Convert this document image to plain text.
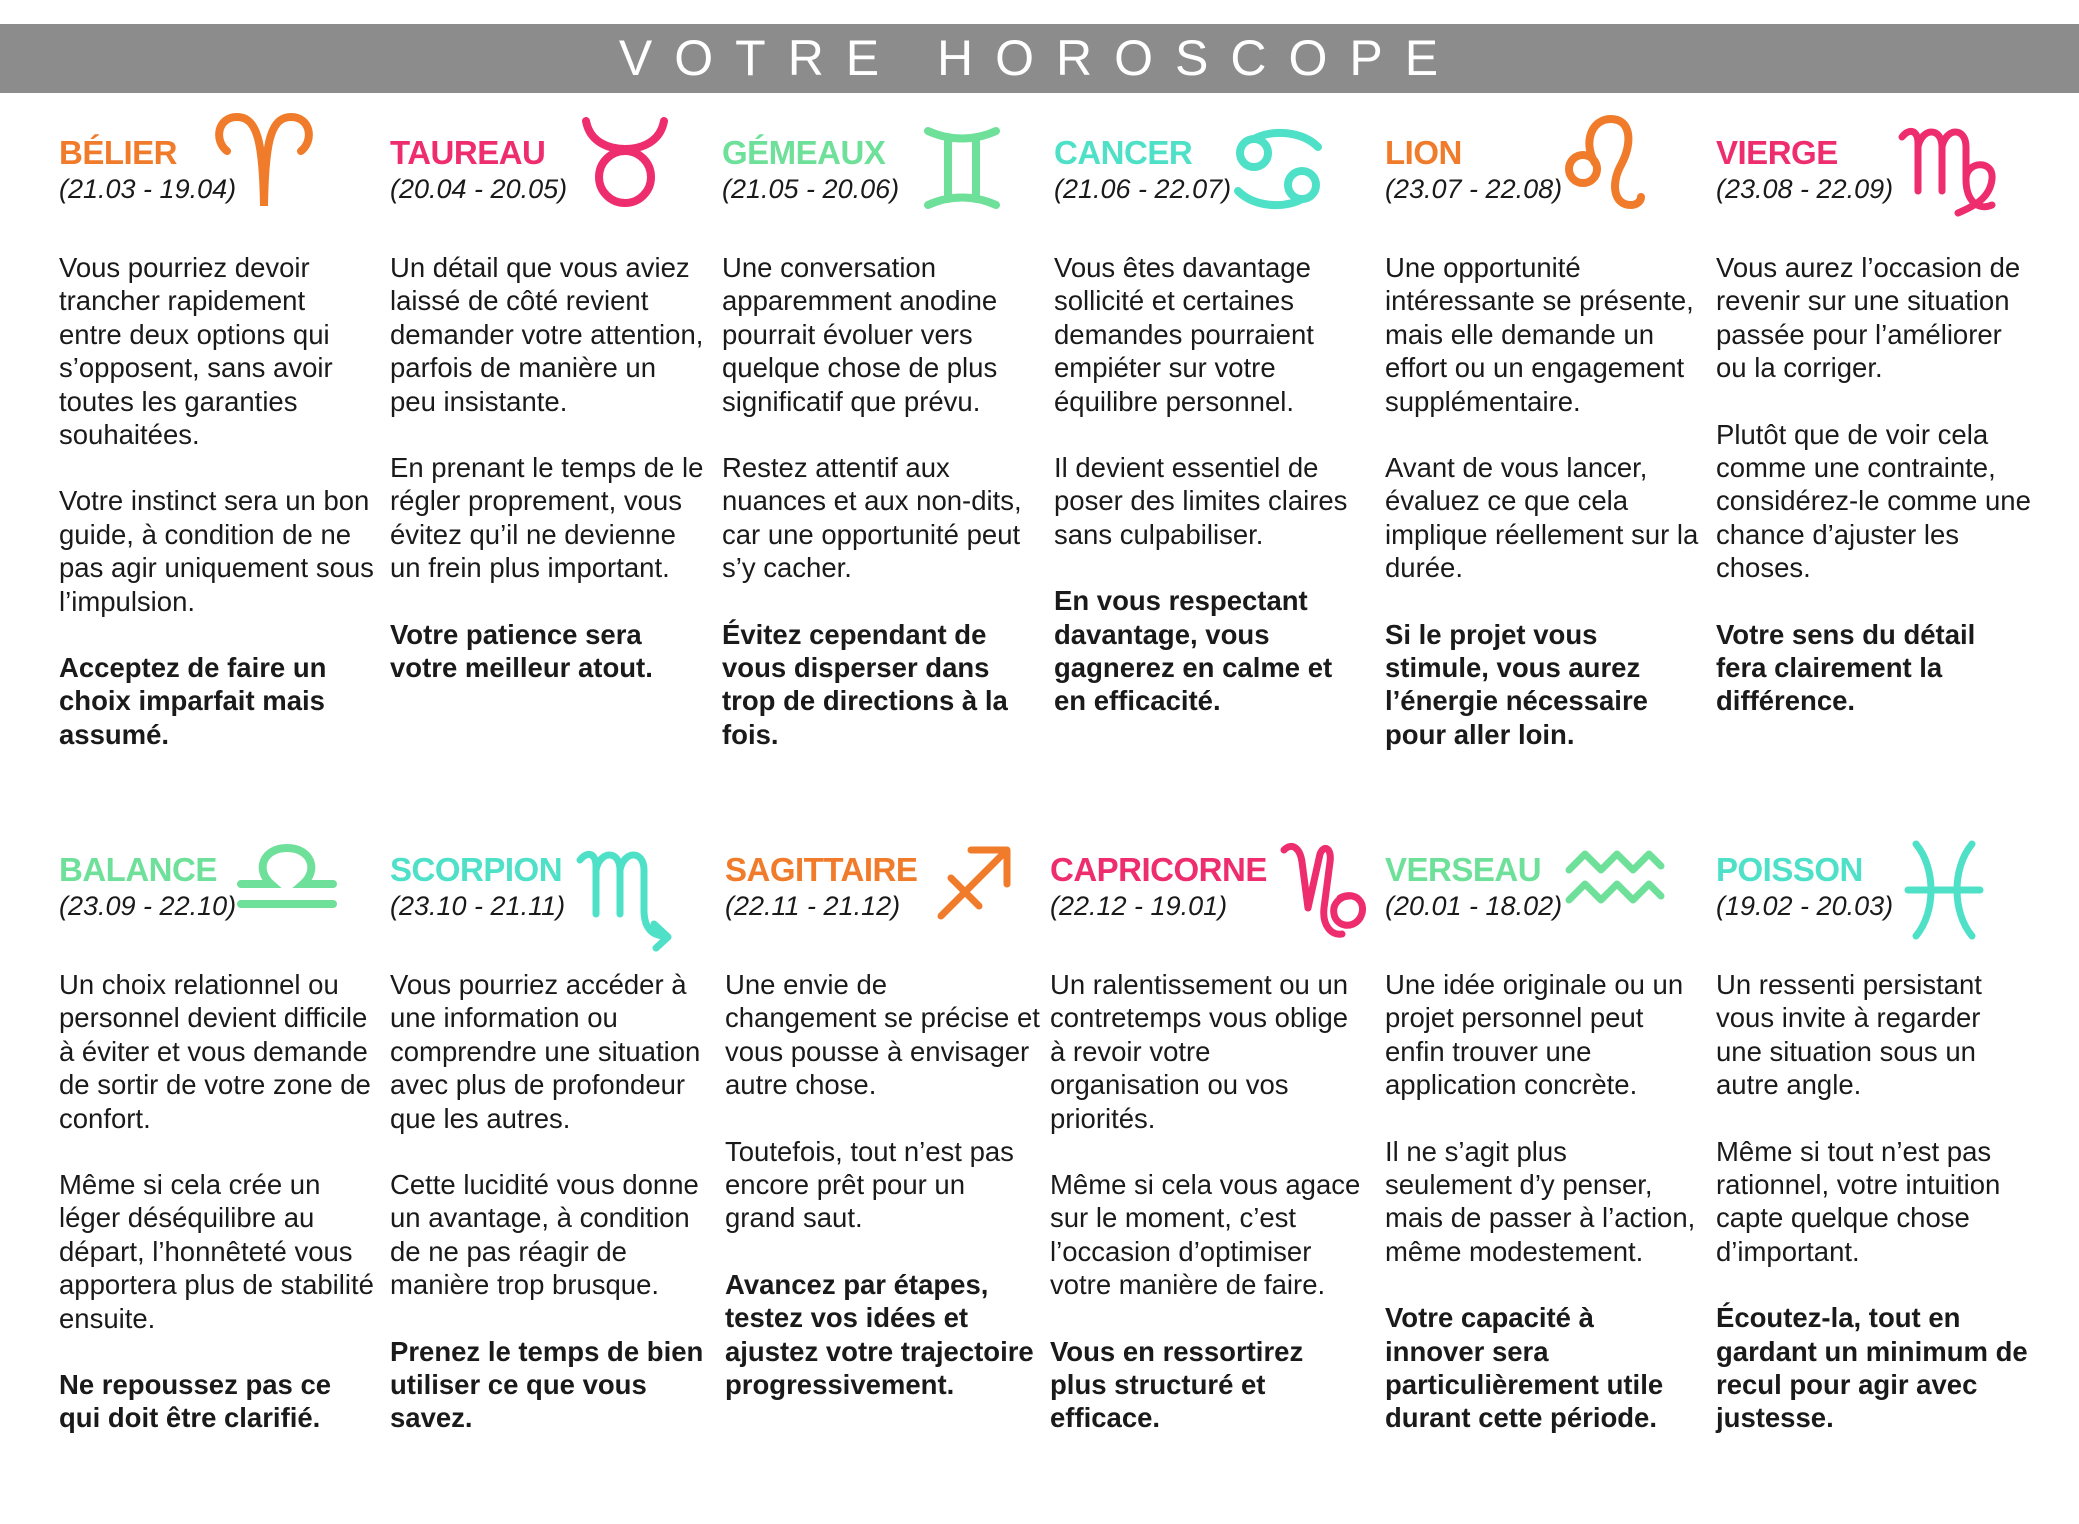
VOTRE HOROSCOPE
BÉLIER
(21.03 - 19.04)

Vous pourriez devoir trancher rapidement entre deux options qui s’opposent, sans avoir toutes les garanties souhaitées.

Votre instinct sera un bon guide, à condition de ne pas agir uniquement sous l’impulsion.

Acceptez de faire un choix imparfait mais assumé.

TAUREAU
(20.04 - 20.05)

Un détail que vous aviez laissé de côté revient demander votre attention, parfois de manière un peu insistante.

En prenant le temps de le régler proprement, vous évitez qu’il ne devienne un frein plus important.

Votre patience sera votre meilleur atout.

GÉMEAUX
(21.05 - 20.06)

Une conversation apparemment anodine pourrait évoluer vers quelque chose de plus significatif que prévu.

Restez attentif aux nuances et aux non-dits, car une opportunité peut s’y cacher.

Évitez cependant de vous disperser dans trop de directions à la fois.

CANCER
(21.06 - 22.07)

Vous êtes davantage sollicité et certaines demandes pourraient empiéter sur votre équilibre personnel.

Il devient essentiel de poser des limites claires sans culpabiliser.

En vous respectant davantage, vous gagnerez en calme et en efficacité.

LION
(23.07 - 22.08)

Une opportunité intéressante se présente, mais elle demande un effort ou un engagement supplémentaire.

Avant de vous lancer, évaluez ce que cela implique réellement sur la durée.

Si le projet vous stimule, vous aurez l’énergie nécessaire pour aller loin.

VIERGE
(23.08 - 22.09)

Vous aurez l’occasion de revenir sur une situation passée pour l’améliorer ou la corriger.

Plutôt que de voir cela comme une contrainte, considérez-le comme une chance d’ajuster les choses.

Votre sens du détail fera clairement la différence.

BALANCE
(23.09 - 22.10)

Un choix relationnel ou personnel devient difficile à éviter et vous demande de sortir de votre zone de confort.

Même si cela crée un léger déséquilibre au départ, l’honnêteté vous apportera plus de stabilité ensuite.

Ne repoussez pas ce qui doit être clarifié.

SCORPION
(23.10 - 21.11)

Vous pourriez accéder à une information ou comprendre une situation avec plus de profondeur que les autres.

Cette lucidité vous donne un avantage, à condition de ne pas réagir de manière trop brusque.

Prenez le temps de bien utiliser ce que vous savez.

SAGITTAIRE
(22.11 - 21.12)

Une envie de changement se précise et vous pousse à envisager autre chose.

Toutefois, tout n’est pas encore prêt pour un grand saut.

Avancez par étapes, testez vos idées et ajustez votre trajectoire progressivement.

CAPRICORNE
(22.12 - 19.01)

Un ralentissement ou un contretemps vous oblige à revoir votre organisation ou vos priorités.

Même si cela vous agace sur le moment, c’est l’occasion d’optimiser votre manière de faire.

Vous en ressortirez plus structuré et efficace.

VERSEAU
(20.01 - 18.02)

Une idée originale ou un projet personnel peut enfin trouver une application concrète.

Il ne s’agit plus seulement d’y penser, mais de passer à l’action, même modestement.

Votre capacité à innover sera particulièrement utile durant cette période.

POISSON
(19.02 - 20.03)

Un ressenti persistant vous invite à regarder une situation sous un autre angle.

Même si tout n’est pas rationnel, votre intuition capte quelque chose d’important.

Écoutez-la, tout en gardant un minimum de recul pour agir avec justesse.
